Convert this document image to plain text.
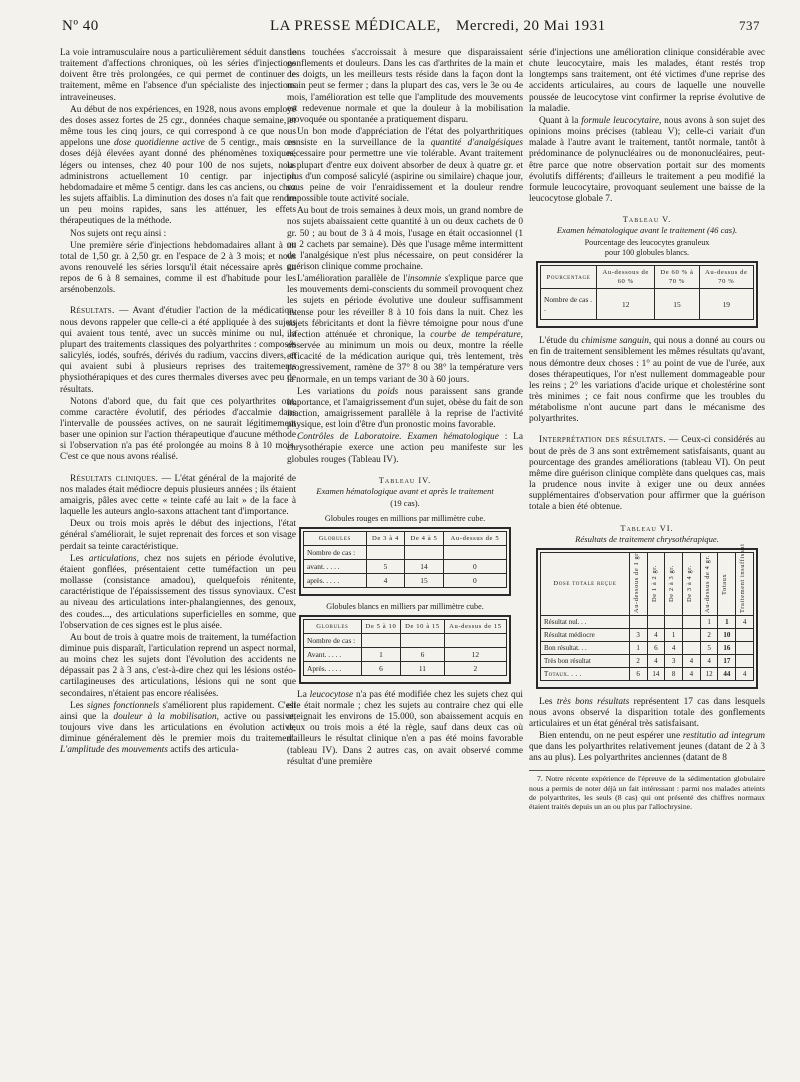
Nº 40	LA PRESSE MÉDICALE, Mercredi, 20 Mai 1931	737

La voie intramusculaire nous a particulièrement séduit dans le traitement d'affections chroniques, où les séries d'injections doivent être très prolongées, ce qui permet de continuer le traitement, même en l'absence d'un spécialiste des injections intraveineuses.

Au début de nos expériences, en 1928, nous avons employé des doses assez fortes de 25 cgr., données chaque semaine, et même tous les cinq jours, ce qui correspond à ce que nous appelons une dose quotidienne active de 5 centigr., mais ces doses déjà élevées ayant donné des phénomènes toxiques, légers ou intenses, chez 40 pour 100 de nos sujets, nous administrons actuellement 10 centigr. par injection hebdomadaire et même 5 centigr. dans les cas anciens, ou chez les sujets affaiblis. La diminution des doses n'a fait que rendre un peu moins rapides, sans les atténuer, les effets thérapeutiques de la méthode.

Nos sujets ont reçu ainsi :

Une première série d'injections hebdomadaires allant à un total de 1,50 gr. à 2,50 gr. en l'espace de 2 à 3 mois; et nous avons renouvelé les séries lorsqu'il était nécessaire après un repos de 6 à 8 semaines, comme il est d'habitude pour les arsénobenzols.

Résultats. — Avant d'étudier l'action de la médication, nous devons rappeler que celle-ci a été appliquée à des sujets qui avaient tous tenté, avec un succès minime ou nul, la plupart des traitements classiques des polyarthrites : composés salicylés, iodés, soufrés, dérivés du radium, vaccins divers, et qui avaient subi à plusieurs reprises des traitements physiothérapiques et des cures thermales diverses avec peu de résultats.

Notons d'abord que, du fait que ces polyarthrites ont, comme caractère évolutif, des périodes d'accalmie dans l'intervalle de poussées actives, on ne saurait légitimement baser une opinion sur l'action thérapeutique d'aucune méthode si l'observation n'a pas été prolongée au moins 8 à 10 mois. C'est ce que nous avons réalisé.

Résultats cliniques. — L'état général de la majorité de nos malades était médiocre depuis plusieurs années ; ils étaient amaigris, pâles avec cette « teinte café au lait » de la face à laquelle les auteurs anglo-saxons attachent tant d'importance.

Deux ou trois mois après le début des injections, l'état général s'améliorait, le sujet reprenait des forces et son visage perdait sa teinte caractéristique.

Les articulations, chez nos sujets en période évolutive, étaient gonflées, présentaient cette tuméfaction un peu mollasse (consistance amadou), quelquefois rénitente, caractéristique de l'épaississement des tissus synoviaux. C'est au niveau des articulations inter-phalangiennes, des genoux, des coudes..., des articulations superficielles en somme, que l'observation de ces signes est le plus aisée.

Au bout de trois à quatre mois de traitement, la tuméfaction diminue puis disparaît, l'articulation reprend un aspect normal, au moins chez les sujets dont l'évolution des accidents ne dépassait pas 2 à 3 ans, c'est-à-dire chez qui les lésions ostéo-cartilagineuses des articulations, lésions qui ne sont que secondaires, n'étaient pas encore réalisées.

Les signes fonctionnels s'améliorent plus rapidement. C'est ainsi que la douleur à la mobilisation, active ou passive, toujours vive dans les articulations en évolution active, diminue généralement dès le premier mois du traitement. L'amplitude des mouvements actifs des articula-

tions touchées s'accroissait à mesure que disparaissaient gonflements et douleurs. Dans les cas d'arthrites de la main et des doigts, un les meilleurs tests réside dans la façon dont la main peut se fermer ; dans la plupart des cas, vers le 3e ou 4e mois, l'amélioration est telle que l'amplitude des mouvements est redevenue normale et que la douleur à la mobilisation provoquée ou spontanée a pratiquement disparu.

Un bon mode d'appréciation de l'état des polyarthritiques consiste en la surveillance de la quantité d'analgésiques nécessaire pour permettre une vie tolérable. Avant traitement la plupart d'entre eux doivent absorber de deux à quatre gr. et plus d'un composé salicylé (aspirine ou similaire) chaque jour, sous peine de voir l'enraidissement et la douleur rendre impossible toute activité sociale.

Au bout de trois semaines à deux mois, un grand nombre de nos sujets abaissaient cette quantité à un ou deux cachets de 0 gr. 50 ; au bout de 3 à 4 mois, l'usage en était occasionnel (1 ou 2 cachets par semaine). Dès que l'usage même intermittent de l'analgésique n'est plus nécessaire, on peut considérer la guérison clinique comme prochaine.

L'amélioration parallèle de l'insomnie s'explique parce que les mouvements demi-conscients du sommeil provoquent chez les sujets en période évolutive une douleur suffisamment intense pour les réveiller 8 à 10 fois dans la nuit. Chez les sujets fébricitants et dont la fièvre témoigne pour nous d'une infection atténuée et chronique, la courbe de température, observée au minimum un mois ou deux, montre la réelle efficacité de la médication aurique qui, très lentement, très progressivement, ramène de 37° 8 ou 38° la température vers la normale, en un temps variant de 30 à 60 jours.

Les variations du poids nous paraissent sans grande importance, et l'amaigrissement d'un sujet, obèse du fait de son inaction, amaigrissement parallèle à la reprise de l'activité physique, est loin d'être d'un pronostic moins favorable.

Contrôles de Laboratoire. Examen hématologique : La chrysothérapie exerce une action peu manifeste sur les globules rouges (Tableau IV).

Tableau IV.
Examen hématologique avant et après le traitement
(19 cas).
Globules rouges en millions par millimètre cube.
Globules	De 3 à 4	De 4 à 5	Au-dessus de 5
Nombre de cas :			
avant. . . . .	5	14	0
après. . . . .	4	15	0
Globules blancs en milliers par millimètre cube.
Globules	De 5 à 10	De 10 à 15	Au-dessus de 15
Nombre de cas :			
Avant. . . . .	1	6	12
Après. . . . .	6	11	2

La leucocytose n'a pas été modifiée chez les sujets chez qui elle était normale ; chez les sujets au contraire chez qui elle atteignait les environs de 15.000, son abaissement acquis en deux ou trois mois a été la règle, sauf dans deux cas où d'ailleurs le résultat clinique n'en a pas été moins favorable (tableau IV). Dans 2 autres cas, on avait observé comme résultat d'une première

série d'injections une amélioration clinique considérable avec chute leucocytaire, mais les malades, étant restés trop longtemps sans traitement, ont été victimes d'une reprise des accidents articulaires, au cours de laquelle une nouvelle poussée de leucocytose vint confirmer la reprise évolutive de la maladie.

Quant à la formule leucocytaire, nous avons à son sujet des opinions moins précises (tableau V); celle-ci variait d'un malade à l'autre avant le traitement, tantôt normale, tantôt à prédominance de polynucléaires ou de mononucléaires, peut-être parce que notre observation portait sur des moments évolutifs différents; d'ailleurs le traitement a peu modifié la formule leucocytaire, provoquant seulement une baisse de la leucocytose globale 7.

Tableau V.
Examen hématologique avant le traitement (46 cas).
Pourcentage des leucocytes granuleux
pour 100 globules blancs.
Pourcentage	Au-dessous de 60 %	De 60 % à 70 %	Au-dessus de 70 %
Nombre de cas . .	12	15	19

L'étude du chimisme sanguin, qui nous a donné au cours ou en fin de traitement sensiblement les mêmes résultats qu'avant, nous démontre deux choses : 1° au point de vue de l'urée, aux doses thérapeutiques, l'or n'est nullement dommageable pour les reins ; 2° les variations d'acide urique et cholestérine sont très minimes ; ce fait nous confirme que les troubles du métabolisme n'ont aucune part dans le mécanisme des polyarthrites.

Interprétation des résultats. — Ceux-ci considérés au bout de près de 3 ans sont extrêmement satisfaisants, quant au pourcentage des grandes améliorations (tableau VI). On peut même dire guérison clinique complète dans quelques cas, mais la prudence nous invite à exiger une ou deux années supplémentaires d'observation pour affirmer que la guérison totale a bien été obtenue.

Tableau VI.
Résultats de traitement chrysothérapique.
Dose totale reçue	Au-dessous de 1 gr.	De 1 à 2 gr.	De 2 à 3 gr.	De 3 à 4 gr.	Au-dessus de 4 gr.	Totaux	Traitement insuffisant

Résultat nul. . .					1	1	4
Résultat médiocre	3	4	1		2	10	
Bon résultat. . .	1	6	4		5	16	
Très bon résultat	2	4	3	4	4	17	
Totaux. . . .	6	14	8	4	12	44	4

Les très bons résultats représentent 17 cas dans lesquels nous avons observé la disparition totale des gonflements articulaires et un état général très satisfaisant.

Bien entendu, on ne peut espérer une restitutio ad integrum que dans les polyarthrites relativement jeunes (datant de 2 à 3 ans au plus). Les polyarthrites anciennes (datant de 8

7. Notre récente expérience de l'épreuve de la sédimentation globulaire nous a permis de noter déjà un fait intéressant : parmi nos malades atteints de polyarthrites, les seuls (8 cas) qui ont présenté des chiffres normaux étaient traités depuis un an ou plus par l'allochrysine.
